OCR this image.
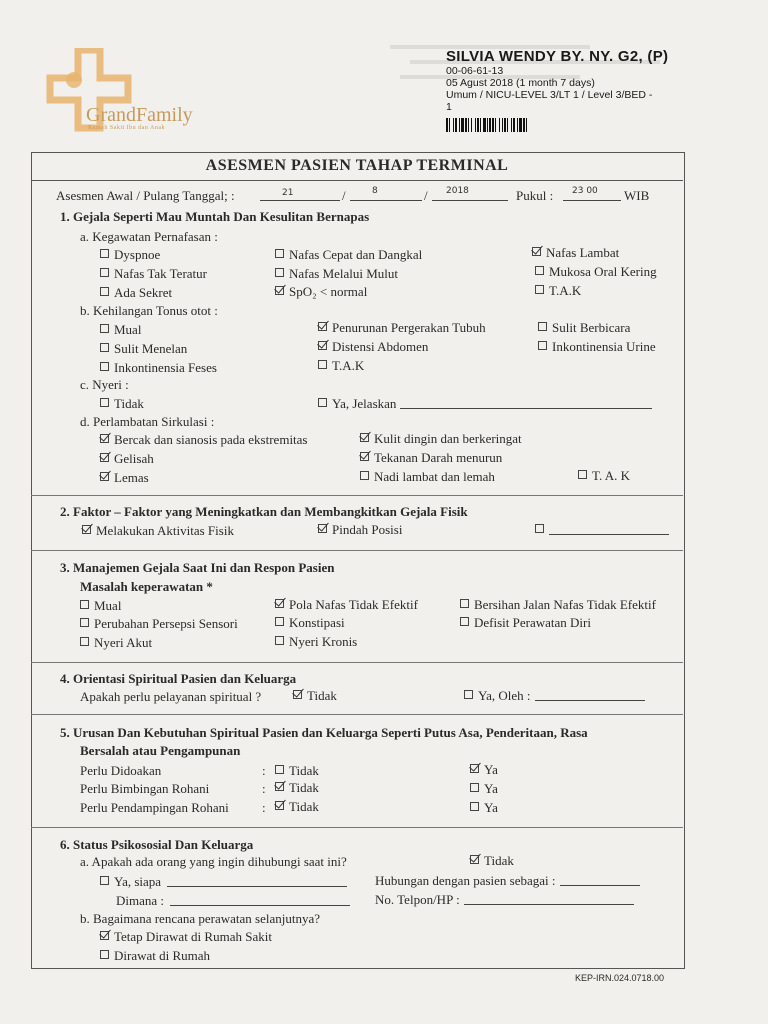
GrandFamily
Rumah Sakit Ibu dan Anak
SILVIA WENDY BY. NY. G2, (P)
00-06-61-13
05 Agust 2018 (1 month 7 days)
Umum / NICU-LEVEL 3/LT 1 / Level 3/BED -
1
ASESMEN PASIEN TAHAP TERMINAL
Asesmen Awal / Pulang Tanggal; :	21	/	8	/ 2018	Pukul : 23 00 WIB
1. Gejala Seperti Mau Muntah Dan Kesulitan Bernapas
a. Kegawatan Pernafasan :
Dyspnoe	Nafas Cepat dan Dangkal	Nafas Lambat
Nafas Tak Teratur	Nafas Melalui Mulut	Mukosa Oral Kering
Ada Sekret	SpO₂ < normal	T.A.K
b. Kehilangan Tonus otot :
Mual	Penurunan Pergerakan Tubuh	Sulit Berbicara
Sulit Menelan	Distensi Abdomen	Inkontinensia Urine
Inkontinensia Feses	T.A.K
c. Nyeri :
Tidak	Ya, Jelaskan
d. Perlambatan Sirkulasi :
Bercak dan sianosis pada ekstremitas	Kulit dingin dan berkeringat
Gelisah	Tekanan Darah menurun
Lemas	Nadi lambat dan lemah	T. A. K
2. Faktor – Faktor yang Meningkatkan dan Membangkitkan Gejala Fisik
Melakukan Aktivitas Fisik	Pindah Posisi
3. Manajemen Gejala Saat Ini dan Respon Pasien
Masalah keperawatan *
Mual	Pola Nafas Tidak Efektif	Bersihan Jalan Nafas Tidak Efektif
Perubahan Persepsi Sensori	Konstipasi	Defisit Perawatan Diri
Nyeri Akut	Nyeri Kronis
4. Orientasi Spiritual Pasien dan Keluarga
Apakah perlu pelayanan spiritual ?	Tidak	Ya, Oleh :
5. Urusan Dan Kebutuhan Spiritual Pasien dan Keluarga Seperti Putus Asa, Penderitaan, Rasa
Bersalah atau Pengampunan
Perlu Didoakan	:	Tidak	Ya
Perlu Bimbingan Rohani	:	Tidak	Ya
Perlu Pendampingan Rohani	:	Tidak	Ya
6. Status Psikososial Dan Keluarga
a. Apakah ada orang yang ingin dihubungi saat ini?	Tidak
Ya, siapa	Hubungan dengan pasien sebagai :
Dimana :	No. Telpon/HP :
b. Bagaimana rencana perawatan selanjutnya?
Tetap Dirawat di Rumah Sakit
Dirawat di Rumah
KEP-IRN.024.0718.00
